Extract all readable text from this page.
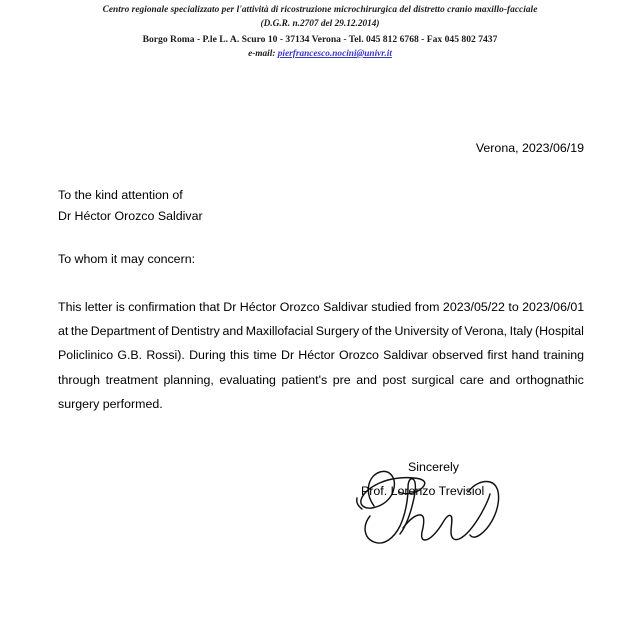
Centro regionale specializzato per l'attività di ricostruzione microchirurgica del distretto cranio maxillo-facciale
(D.G.R. n.2707 del 29.12.2014)
Borgo Roma - P.le L. A. Scuro 10 - 37134 Verona - Tel. 045 812 6768 - Fax 045 802 7437
e-mail: pierfrancesco.nocini@univr.it
Verona, 2023/06/19
To the kind attention of
Dr Héctor Orozco Saldivar
To whom it may concern:
This letter is confirmation that Dr Héctor Orozco Saldivar studied from 2023/05/22 to 2023/06/01
at the Department of Dentistry and Maxillofacial Surgery of the University of Verona, Italy (Hospital
Policlinico G.B. Rossi). During this time Dr Héctor Orozco Saldivar observed first hand training
through treatment planning, evaluating patient's pre and post surgical care and orthognathic
surgery performed.
Sincerely
Prof. Lorenzo Trevisiol
